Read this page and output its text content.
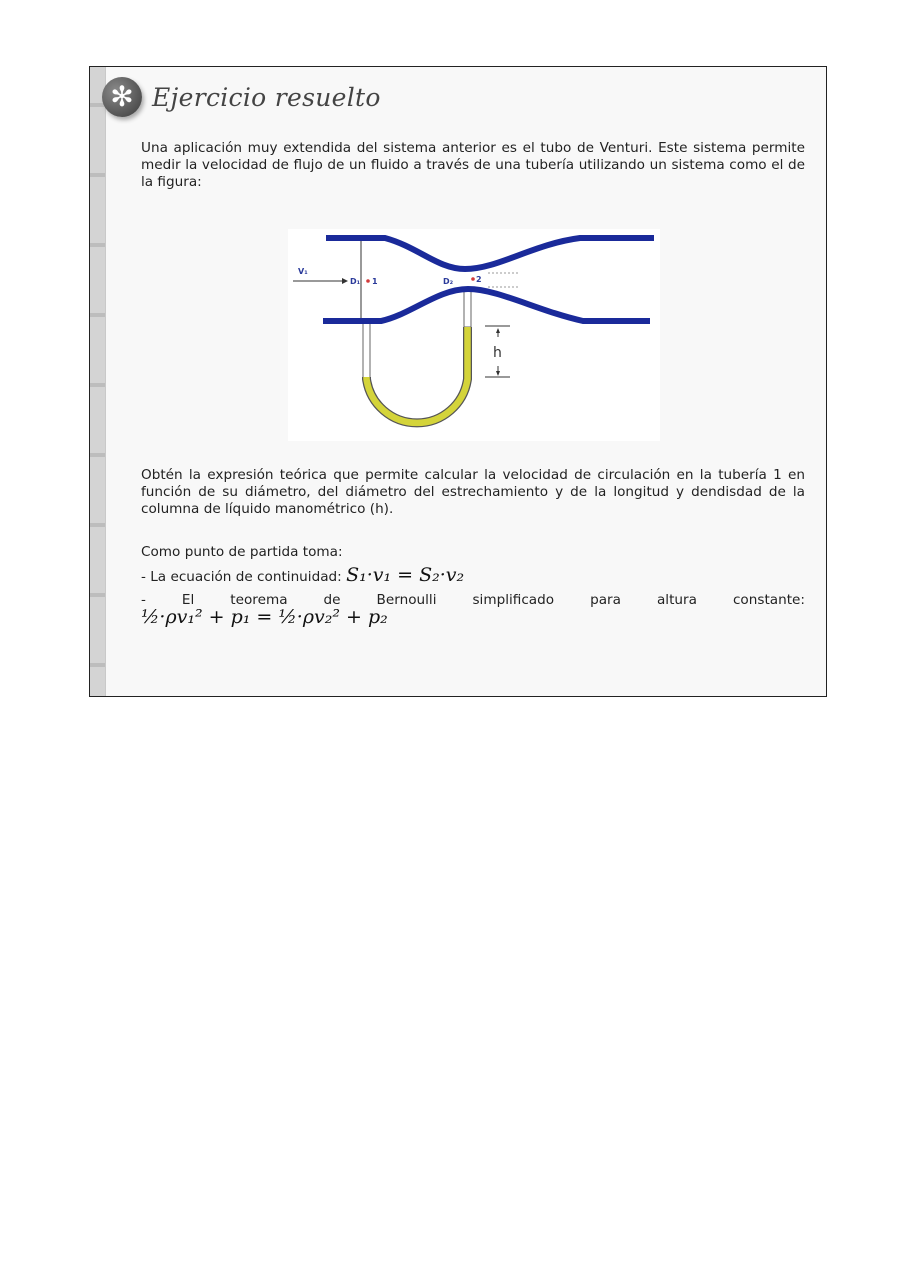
✻ Ejercicio resuelto

Una aplicación muy extendida del sistema anterior es el tubo de Venturi. Este sistema permite medir la velocidad de flujo de un fluido a través de una tubería utilizando un sistema como el de la figura:

Obtén la expresión teórica que permite calcular la velocidad de circulación en la tubería 1 en función de su diámetro, del diámetro del estrechamiento y de la longitud y dendisdad de la columna de líquido manométrico (h).

Como punto de partida toma:

- La ecuación de continuidad: S₁·v₁ = S₂·v₂
- El teorema de Bernoulli simplificado para altura constante:
½·ρv₁² + p₁ = ½·ρv₂² + p₂
V₁
D₁ 1	D₂	2
h
